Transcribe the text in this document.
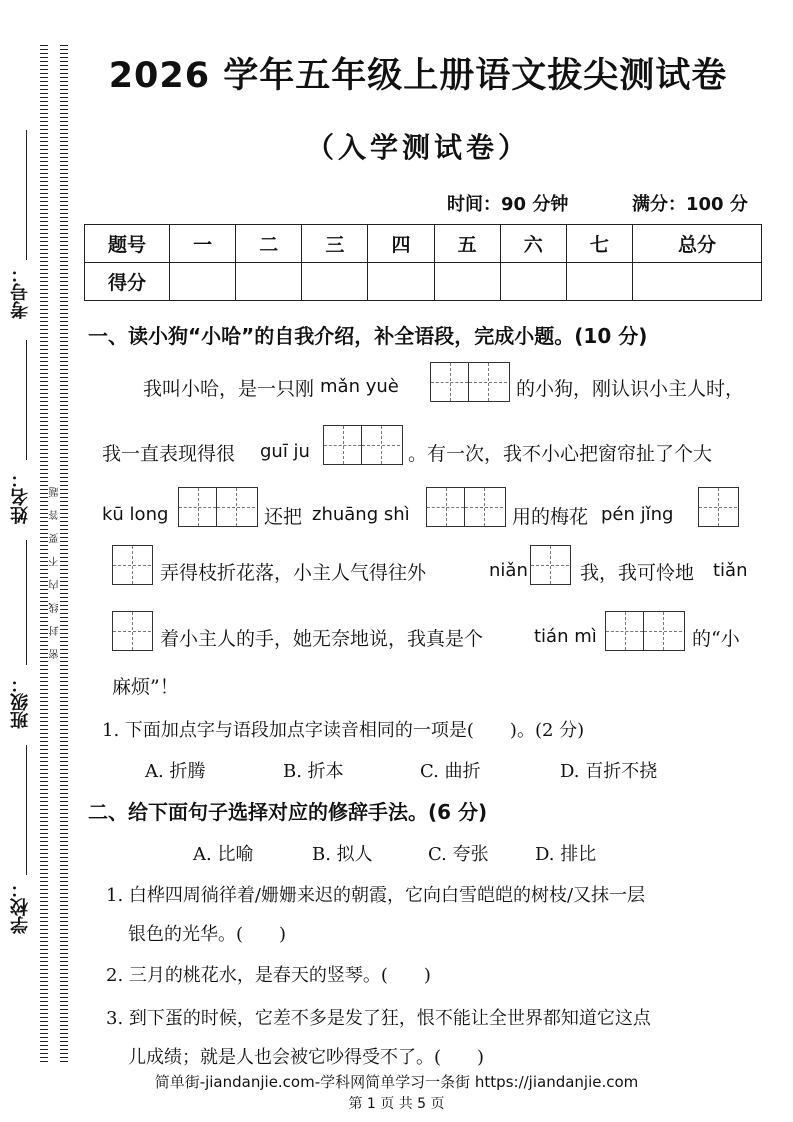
密 封 线 内 不 要 答 题
考号：
姓名：
班级：
学校：
2026 学年五年级上册语文拔尖测试卷
（入学测试卷）
时间：90 分钟	满分：100 分
题号	一	二	三	四	五	六	七	总分
得分								
一、读小狗“小哈”的自我介绍，补全语段，完成小题。(10 分)
我叫小哈，是一只刚 mǎn yuè	的小狗，刚认识小主人时，
我一直表现得很 guī ju	。有一次，我不小心把窗帘扯了个大
kū long	还把 zhuāng shì	用的梅花 pén jǐng
弄得枝折花落，小主人气得往外	niǎn	我，我可怜地 tiǎn
着小主人的手，她无奈地说，我真是个	tián mì	的“小
麻烦”！
1. 下面加点字与语段加点字读音相同的一项是(　　)。(2 分)
A. 折腾	B. 折本	C. 曲折	D. 百折不挠
二、给下面句子选择对应的修辞手法。(6 分)
A. 比喻	B. 拟人	C. 夸张	D. 排比
1. 白桦四周徜徉着/姗姗来迟的朝霞，它向白雪皑皑的树枝/又抹一层
银色的光华。(　　)
2. 三月的桃花水，是春天的竖琴。(　　)
3. 到下蛋的时候，它差不多是发了狂，恨不能让全世界都知道它这点
儿成绩；就是人也会被它吵得受不了。(　　)
简单街-jiandanjie.com-学科网简单学习一条街 https://jiandanjie.com
第 1 页 共 5 页
